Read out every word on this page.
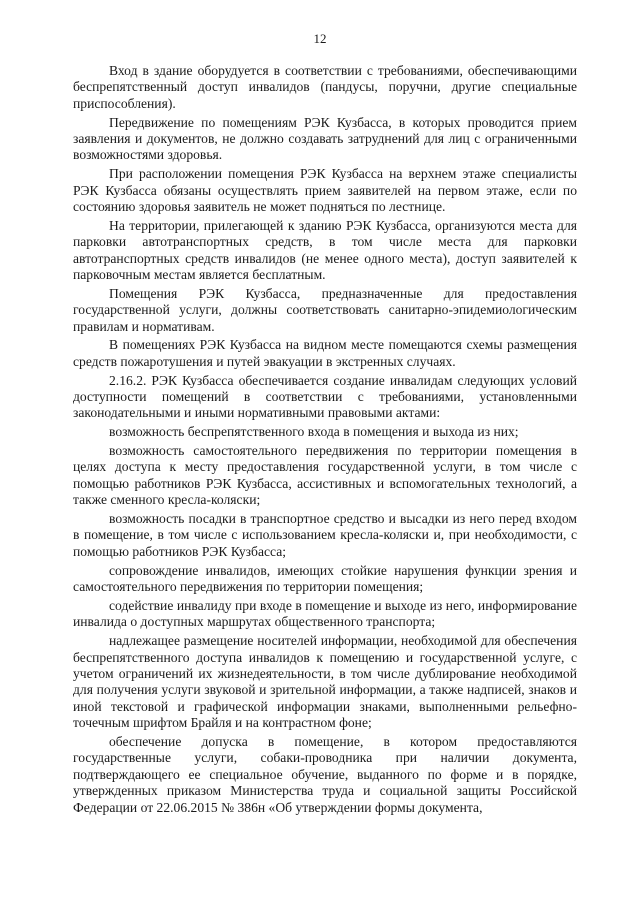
12

Вход в здание оборудуется в соответствии с требованиями, обеспечивающими беспрепятственный доступ инвалидов (пандусы, поручни, другие специальные приспособления).

Передвижение по помещениям РЭК Кузбасса, в которых проводится прием заявления и документов, не должно создавать затруднений для лиц с ограниченными возможностями здоровья.

При расположении помещения РЭК Кузбасса на верхнем этаже специалисты РЭК Кузбасса обязаны осуществлять прием заявителей на первом этаже, если по состоянию здоровья заявитель не может подняться по лестнице.

На территории, прилегающей к зданию РЭК Кузбасса, организуются места для парковки автотранспортных средств, в том числе места для парковки автотранспортных средств инвалидов (не менее одного места), доступ заявителей к парковочным местам является бесплатным.

Помещения РЭК Кузбасса, предназначенные для предоставления государственной услуги, должны соответствовать санитарно-эпидемиологическим правилам и нормативам.

В помещениях РЭК Кузбасса на видном месте помещаются схемы размещения средств пожаротушения и путей эвакуации в экстренных случаях.

2.16.2. РЭК Кузбасса обеспечивается создание инвалидам следующих условий доступности помещений в соответствии с требованиями, установленными законодательными и иными нормативными правовыми актами:

возможность беспрепятственного входа в помещения и выхода из них;

возможность самостоятельного передвижения по территории помещения в целях доступа к месту предоставления государственной услуги, в том числе с помощью работников РЭК Кузбасса, ассистивных и вспомогательных технологий, а также сменного кресла-коляски;

возможность посадки в транспортное средство и высадки из него перед входом в помещение, в том числе с использованием кресла-коляски и, при необходимости, с помощью работников РЭК Кузбасса;

сопровождение инвалидов, имеющих стойкие нарушения функции зрения и самостоятельного передвижения по территории помещения;

содействие инвалиду при входе в помещение и выходе из него, информирование инвалида о доступных маршрутах общественного транспорта;

надлежащее размещение носителей информации, необходимой для обеспечения беспрепятственного доступа инвалидов к помещению и государственной услуге, с учетом ограничений их жизнедеятельности, в том числе дублирование необходимой для получения услуги звуковой и зрительной информации, а также надписей, знаков и иной текстовой и графической информации знаками, выполненными рельефно-точечным шрифтом Брайля и на контрастном фоне;

обеспечение допуска в помещение, в котором предоставляются государственные услуги, собаки-проводника при наличии документа, подтверждающего ее специальное обучение, выданного по форме и в порядке, утвержденных приказом Министерства труда и социальной защиты Российской Федерации от 22.06.2015 № 386н «Об утверждении формы документа,
